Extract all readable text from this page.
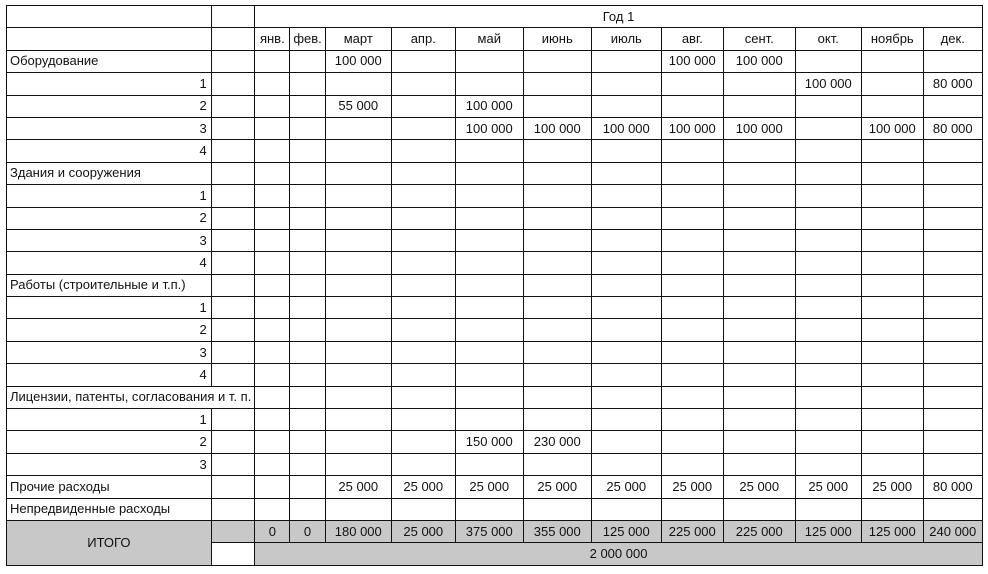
		Год 1											
		янв.	фев.	март	апр.	май	июнь	июль	авг.	сент.	окт.	ноябрь	дек.
Оборудование				100 000					100 000	100 000			
1											100 000		80 000
2				55 000		100 000							
3						100 000	100 000	100 000	100 000	100 000		100 000	80 000
4													
Здания и сооружения													
1													
2													
3													
4													
Работы (строительные и т.п.)													
1													
2													
3													
4													
Лицензии, патенты, согласования и т. п.													
1													
2						150 000	230 000						
3													
Прочие расходы				25 000	25 000	25 000	25 000	25 000	25 000	25 000	25 000	25 000	80 000
Непредвиденные расходы													
ИТОГО		0	0	180 000	25 000	375 000	355 000	125 000	225 000	225 000	125 000	125 000	240 000
		2 000 000											
